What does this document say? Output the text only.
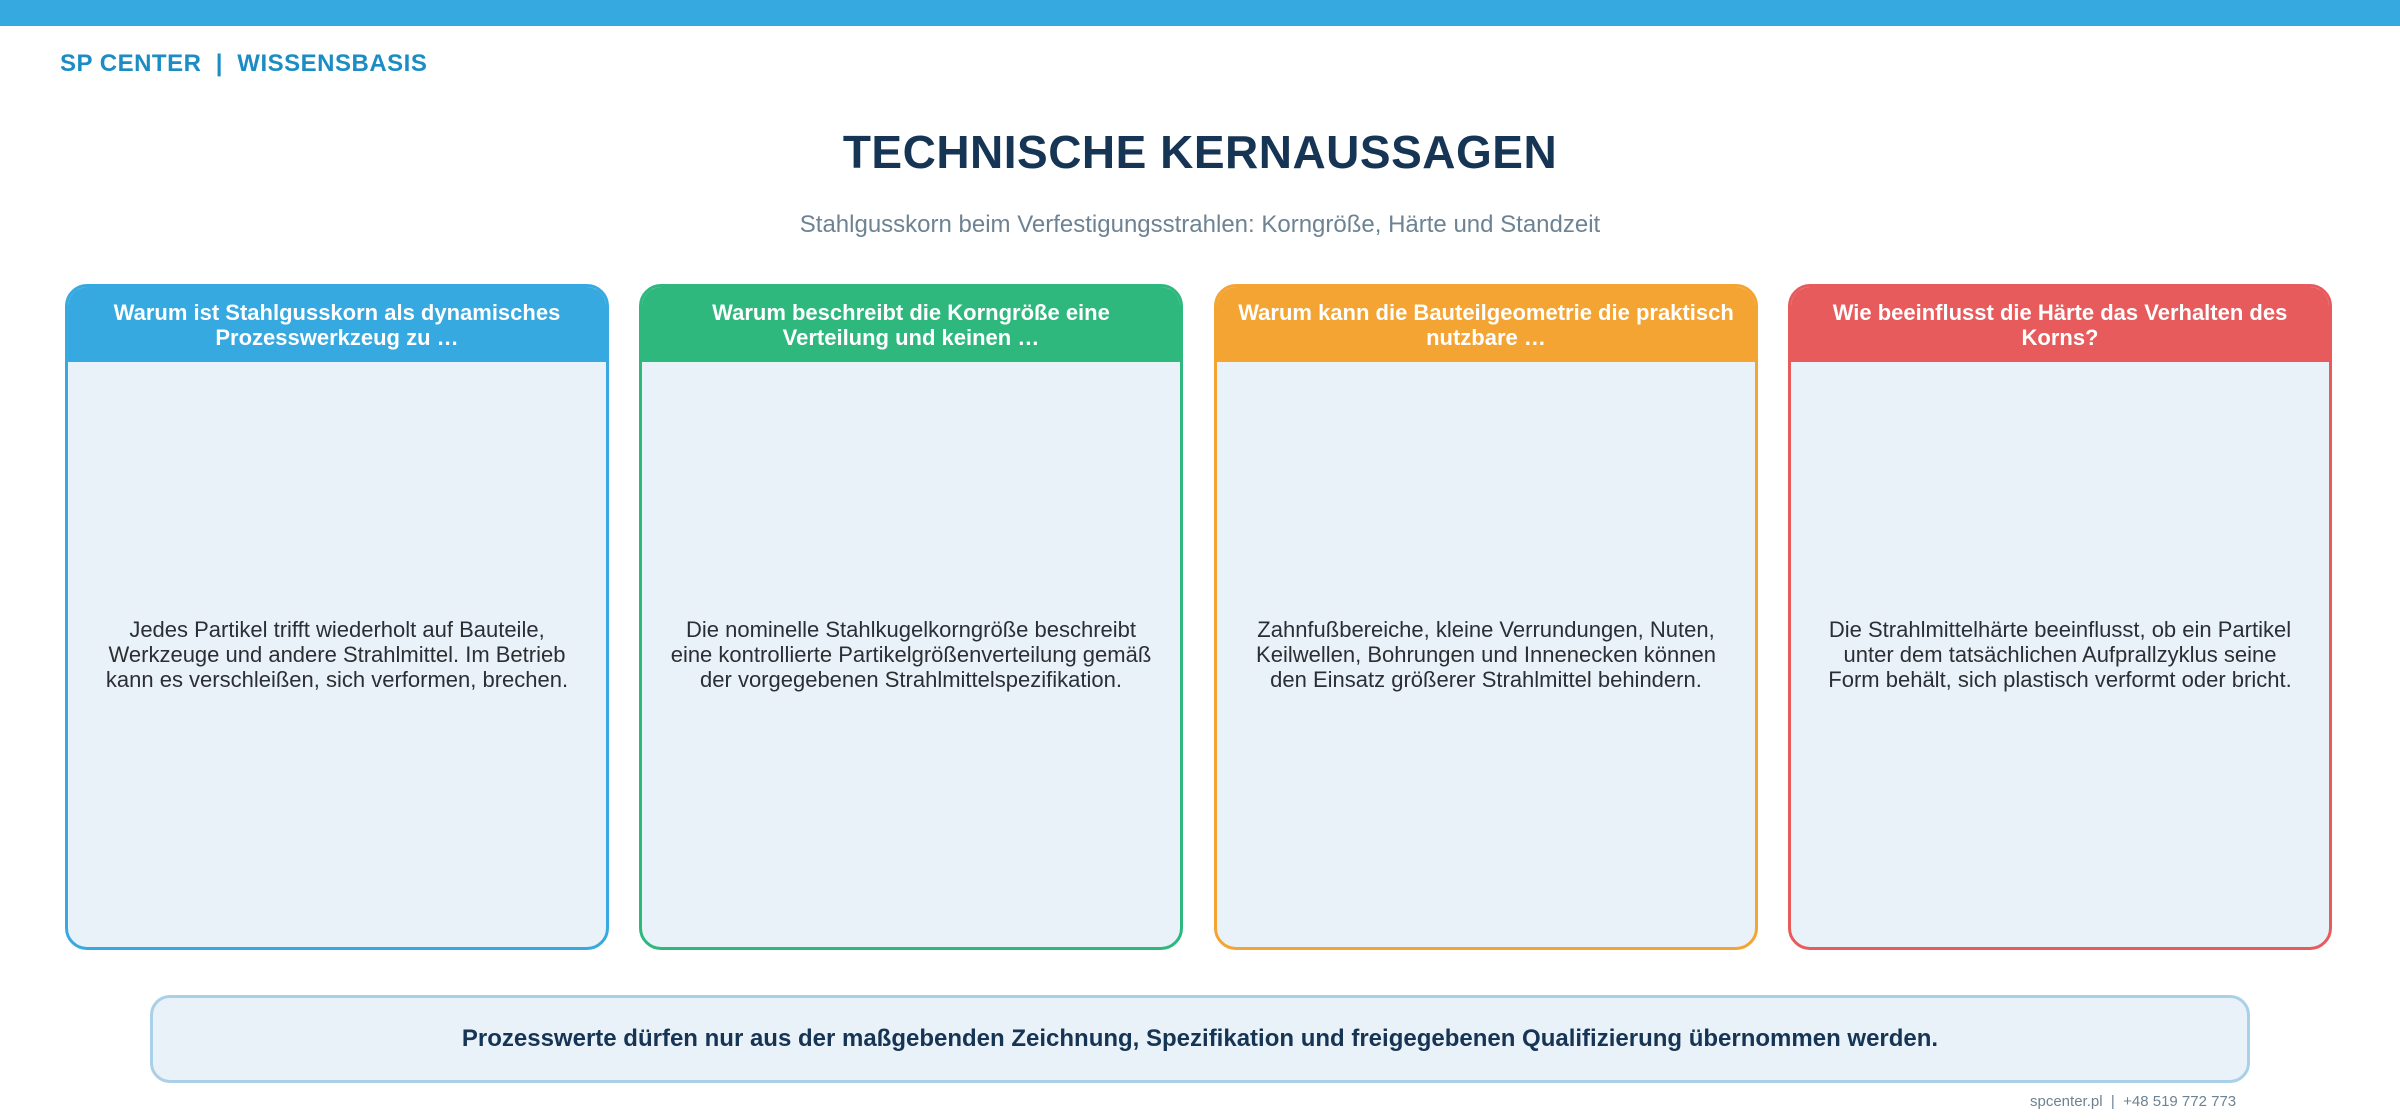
SP CENTER  |  WISSENSBASIS
TECHNISCHE KERNAUSSAGEN
Stahlgusskorn beim Verfestigungsstrahlen: Korngröße, Härte und Standzeit
Warum ist Stahlgusskorn als dynamisches Prozesswerkzeug zu …
Jedes Partikel trifft wiederholt auf Bauteile, Werkzeuge und andere Strahlmittel. Im Betrieb kann es verschleißen, sich verformen, brechen.
Warum beschreibt die Korngröße eine Verteilung und keinen …
Die nominelle Stahlkugelkorngröße beschreibt eine kontrollierte Partikelgrößenverteilung gemäß der vorgegebenen Strahlmittelspezifikation.
Warum kann die Bauteilgeometrie die praktisch nutzbare …
Zahnfußbereiche, kleine Verrundungen, Nuten, Keilwellen, Bohrungen und Innenecken können den Einsatz größerer Strahlmittel behindern.
Wie beeinflusst die Härte das Verhalten des Korns?
Die Strahlmittelhärte beeinflusst, ob ein Partikel unter dem tatsächlichen Aufprallzyklus seine Form behält, sich plastisch verformt oder bricht.
Prozesswerte dürfen nur aus der maßgebenden Zeichnung, Spezifikation und freigegebenen Qualifizierung übernommen werden.
spcenter.pl  |  +48 519 772 773
